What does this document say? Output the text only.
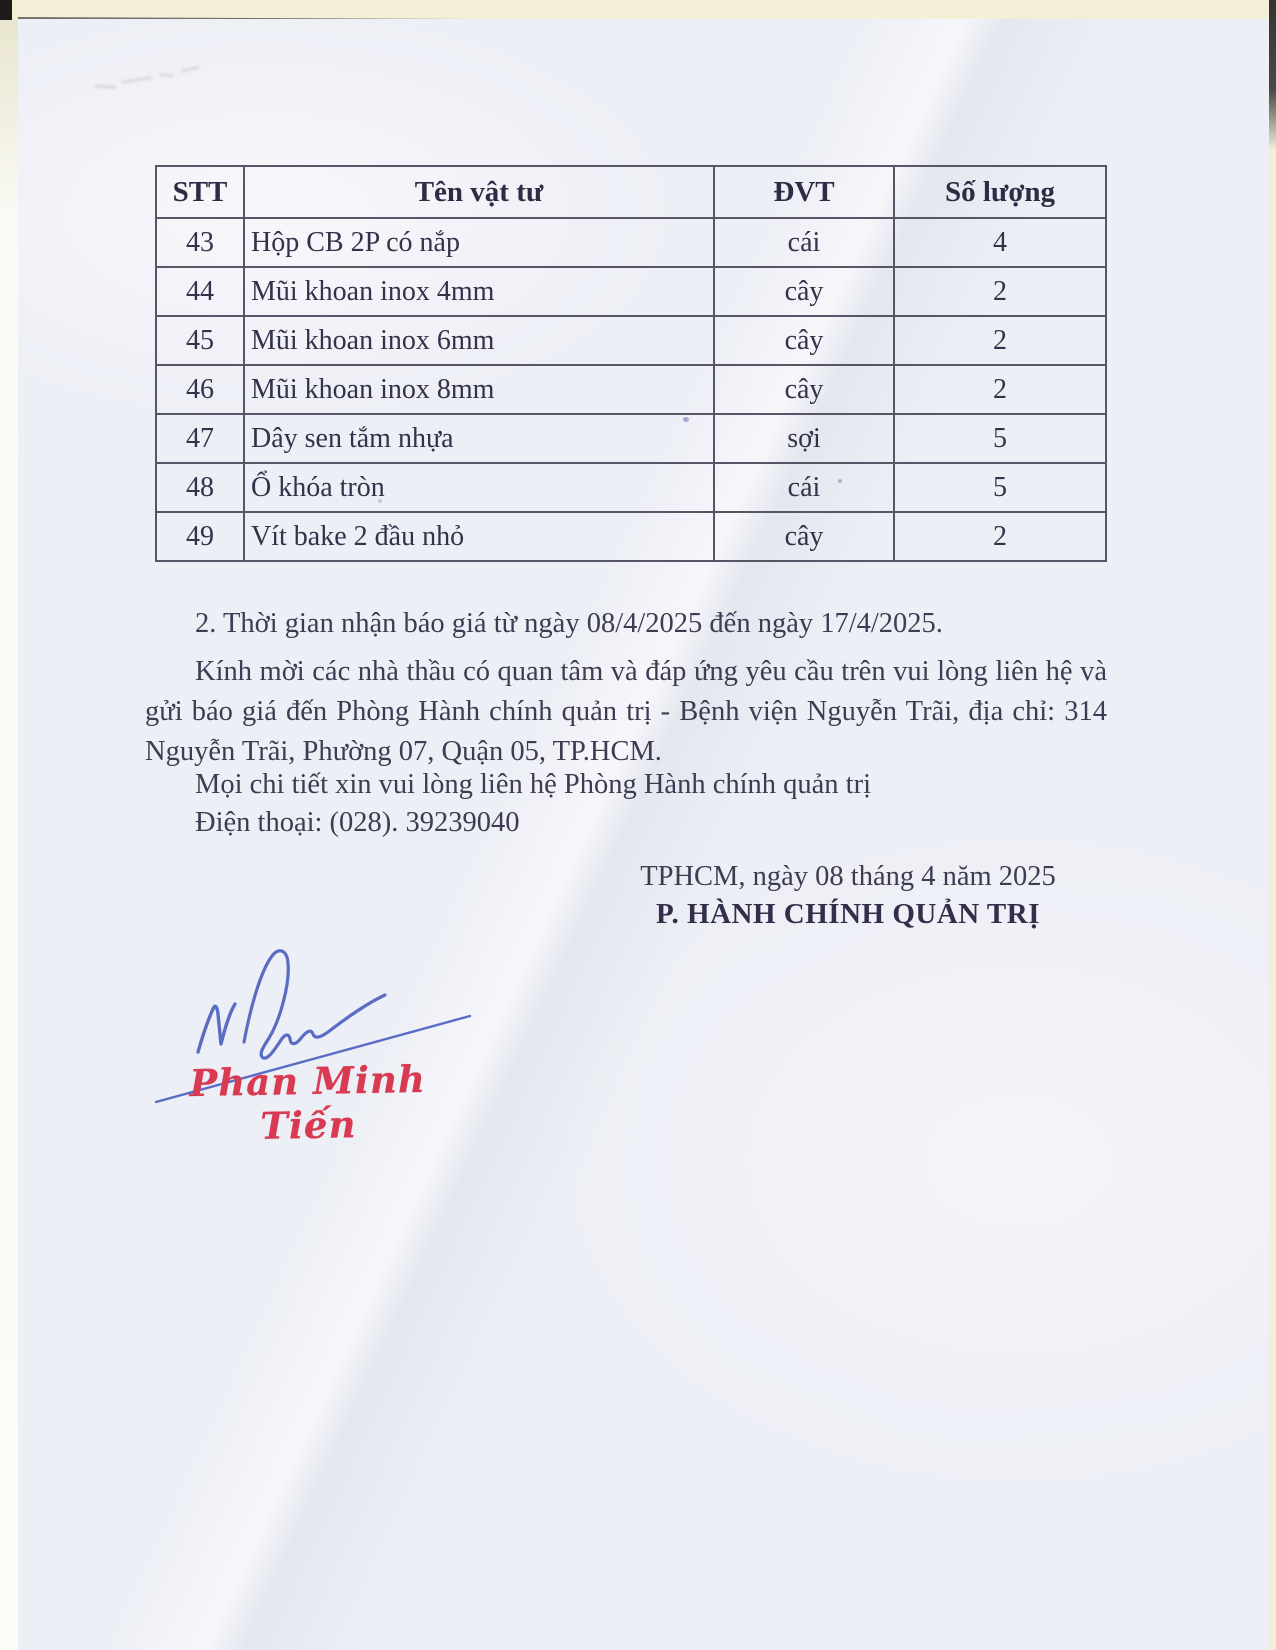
STT	Tên vật tư	ĐVT	Số lượng
43	Hộp CB 2P có nắp	cái	4
44	Mũi khoan inox 4mm	cây	2
45	Mũi khoan inox 6mm	cây	2
46	Mũi khoan inox 8mm	cây	2
47	Dây sen tắm nhựa	sợi	5
48	Ổ khóa tròn	cái	5
49	Vít bake 2 đầu nhỏ	cây	2

2. Thời gian nhận báo giá từ ngày 08/4/2025 đến ngày 17/4/2025.

Kính mời các nhà thầu có quan tâm và đáp ứng yêu cầu trên vui lòng liên hệ và gửi báo giá đến Phòng Hành chính quản trị - Bệnh viện Nguyễn Trãi, địa chỉ: 314 Nguyễn Trãi, Phường 07, Quận 05, TP.HCM.

Mọi chi tiết xin vui lòng liên hệ Phòng Hành chính quản trị

Điện thoại: (028). 39239040

TPHCM, ngày 08 tháng 4 năm 2025
P. HÀNH CHÍNH QUẢN TRỊ
Phan Minh Tiến
